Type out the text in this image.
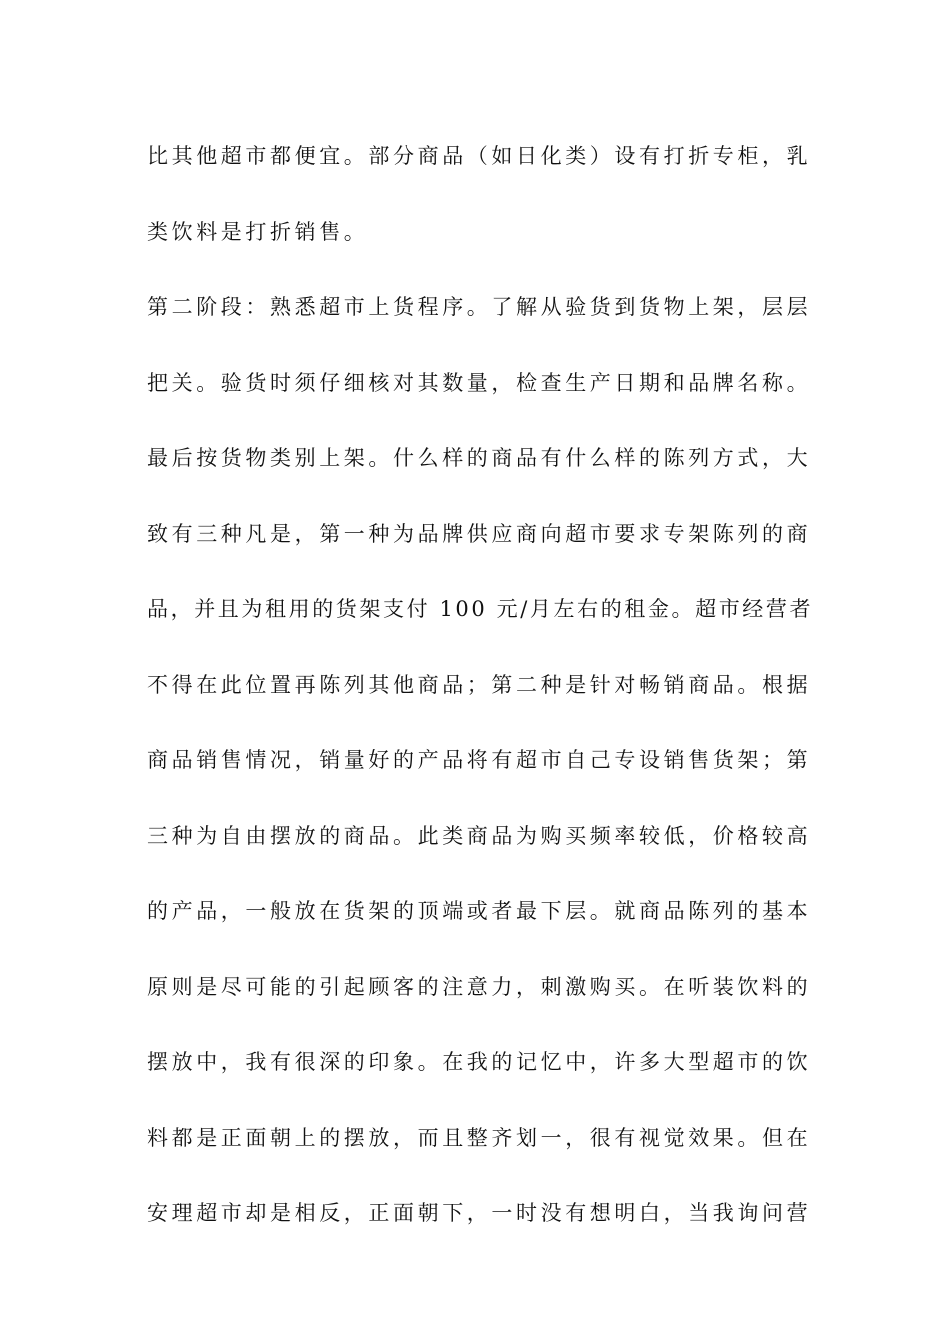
比其他超市都便宜。部分商品（如日化类）设有打折专柜，乳
类饮料是打折销售。
第二阶段：熟悉超市上货程序。了解从验货到货物上架，层层
把关。验货时须仔细核对其数量，检查生产日期和品牌名称。
最后按货物类别上架。什么样的商品有什么样的陈列方式，大
致有三种凡是，第一种为品牌供应商向超市要求专架陈列的商
品，并且为租用的货架支付 100 元/月左右的租金。超市经营者
不得在此位置再陈列其他商品；第二种是针对畅销商品。根据
商品销售情况，销量好的产品将有超市自己专设销售货架；第
三种为自由摆放的商品。此类商品为购买频率较低，价格较高
的产品，一般放在货架的顶端或者最下层。就商品陈列的基本
原则是尽可能的引起顾客的注意力，刺激购买。在听装饮料的
摆放中，我有很深的印象。在我的记忆中，许多大型超市的饮
料都是正面朝上的摆放，而且整齐划一，很有视觉效果。但在
安理超市却是相反，正面朝下，一时没有想明白，当我询问营
